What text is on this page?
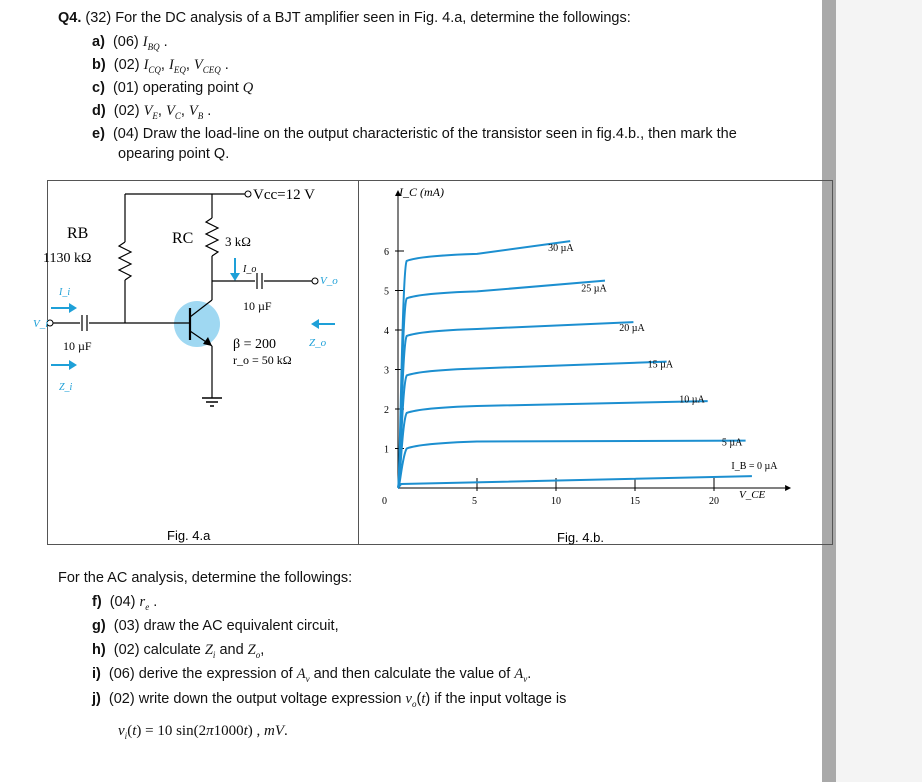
Q4. (32) For the DC analysis of a BJT amplifier seen in Fig. 4.a, determine the followings:
a)  (06) $I_{BQ}$ .
b)  (02) $I_{CQ}$, $I_{EQ}$, $V_{CEQ}$ .
c) (01) operating point Q
d)  (02) $V_E$, $V_C$, $V_B$ .
e) (04) Draw the load-line on the output characteristic of the transistor seen in fig.4.b., then mark the
opearing point Q.
Vcc=12 V
RB
1130 kΩ
RC 3 kΩ
I_o
V_o
10 µF
V_i
10 µF
I_i
Z_i
Z_o
β = 200
r_o = 50 kΩ
Fig. 4.a
1
2
3
4
5
6
0	5	10	15	20
I_B = 0 µA
5 µA
10 µA
15 µA
20 µA
25 µA
30 µA
I_C (mA)
V_CE
Fig. 4.b.
For the AC analysis, determine the followings:
f)  (04) $r_e$ .
g) (03) draw the AC equivalent circuit,
h)  (02) calculate $Z_i$ and $Z_o$,
i)  (06) derive the expression of $A_v$ and then calculate the value of $A_v$.
j)  (02) write down the output voltage expression $v_o(t)$ if the input voltage is
$v_i(t) = 10$ sin(2π1000t) , mV.
